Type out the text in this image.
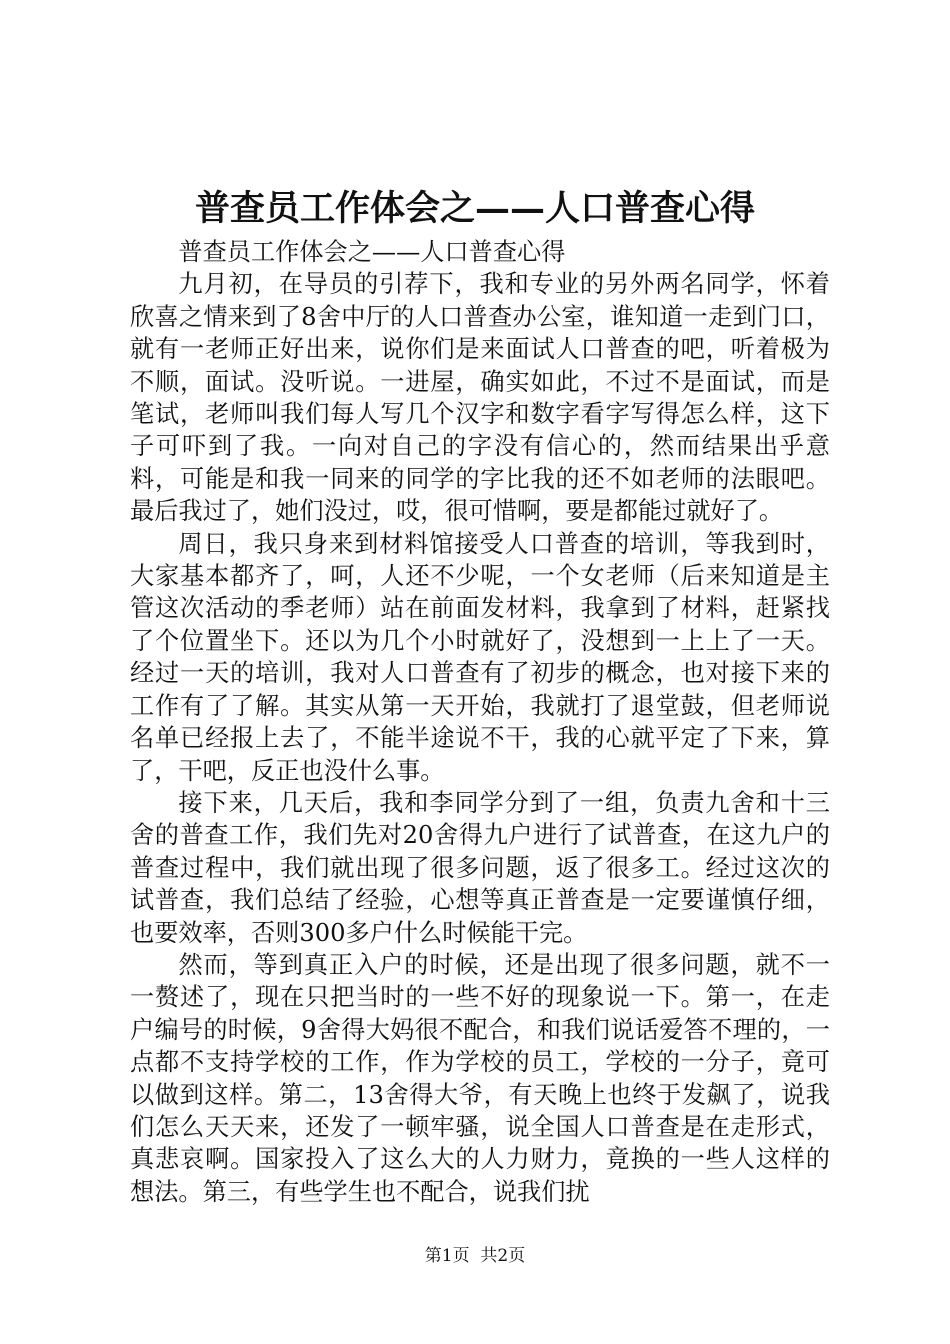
普查员工作体会之——人口普查心得

普查员工作体会之——人口普查心得

九月初，在导员的引荐下，我和专业的另外两名同学，怀着欣喜之情来到了8舍中厅的人口普查办公室，谁知道一走到门口，就有一老师正好出来，说你们是来面试人口普查的吧，听着极为不顺，面试。没听说。一进屋，确实如此，不过不是面试，而是笔试，老师叫我们每人写几个汉字和数字看字写得怎么样，这下子可吓到了我。一向对自己的字没有信心的，然而结果出乎意料，可能是和我一同来的同学的字比我的还不如老师的法眼吧。最后我过了，她们没过，哎，很可惜啊，要是都能过就好了。

周日，我只身来到材料馆接受人口普查的培训，等我到时，大家基本都齐了，呵，人还不少呢，一个女老师（后来知道是主管这次活动的季老师）站在前面发材料，我拿到了材料，赶紧找了个位置坐下。还以为几个小时就好了，没想到一上上了一天。经过一天的培训，我对人口普查有了初步的概念，也对接下来的工作有了了解。其实从第一天开始，我就打了退堂鼓，但老师说名单已经报上去了，不能半途说不干，我的心就平定了下来，算了，干吧，反正也没什么事。

接下来，几天后，我和李同学分到了一组，负责九舍和十三舍的普查工作，我们先对20舍得九户进行了试普查，在这九户的普查过程中，我们就出现了很多问题，返了很多工。经过这次的试普查，我们总结了经验，心想等真正普查是一定要谨慎仔细，也要效率，否则300多户什么时候能干完。

然而，等到真正入户的时候，还是出现了很多问题，就不一一赘述了，现在只把当时的一些不好的现象说一下。第一，在走户编号的时候，9舍得大妈很不配合，和我们说话爱答不理的，一点都不支持学校的工作，作为学校的员工，学校的一分子，竟可以做到这样。第二，13舍得大爷，有天晚上也终于发飙了，说我们怎么天天来，还发了一顿牢骚，说全国人口普查是在走形式，真悲哀啊。国家投入了这么大的人力财力，竟换的一些人这样的想法。第三，有些学生也不配合，说我们扰

第1页 共2页
